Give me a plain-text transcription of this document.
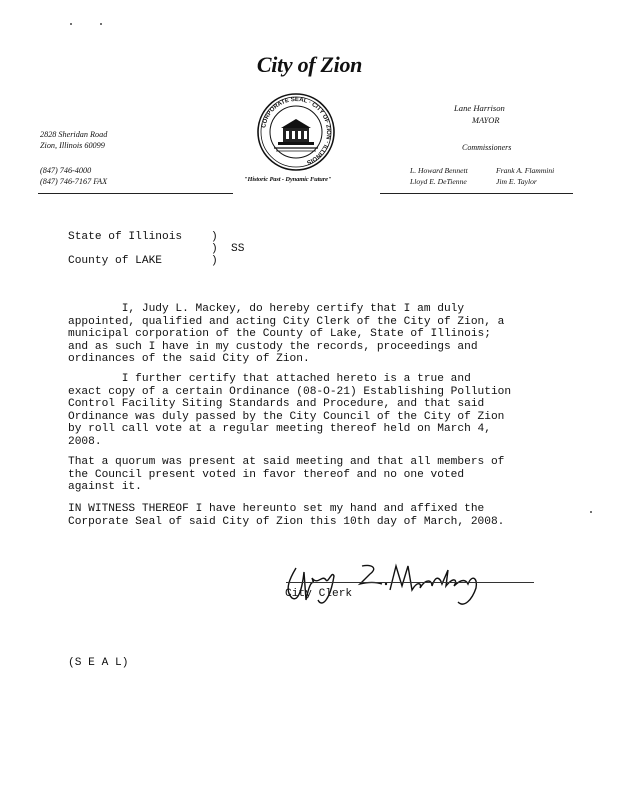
City of Zion
2828 Sheridan Road
Zion, Illinois 60099
(847) 746-4000
(847) 746-7167 FAX
CORPORATE SEAL · CITY OF ZION · ILLINOIS
"Historic Past - Dynamic Future"
Lane Harrison
MAYOR
Commissioners
L. Howard Bennett	Frank A. Flammini
Lloyd E. DeTienne	Jim E. Taylor
State of Illinois
County of LAKE
)
)
)
SS
I, Judy L. Mackey, do hereby certify that I am duly
appointed, qualified and acting City Clerk of the City of Zion, a
municipal corporation of the County of Lake, State of Illinois;
and as such I have in my custody the records, proceedings and
ordinances of the said City of Zion.
I further certify that attached hereto is a true and
exact copy of a certain Ordinance (08-O-21) Establishing Pollution
Control Facility Siting Standards and Procedure, and that said
Ordinance was duly passed by the City Council of the City of Zion
by roll call vote at a regular meeting thereof held on March 4,
2008.
That a quorum was present at said meeting and that all members of
the Council present voted in favor thereof and no one voted
against it.
IN WITNESS THEREOF I have hereunto set my hand and affixed the
Corporate Seal of said City of Zion this 10th day of March, 2008.
City Clerk
(S E A L)
